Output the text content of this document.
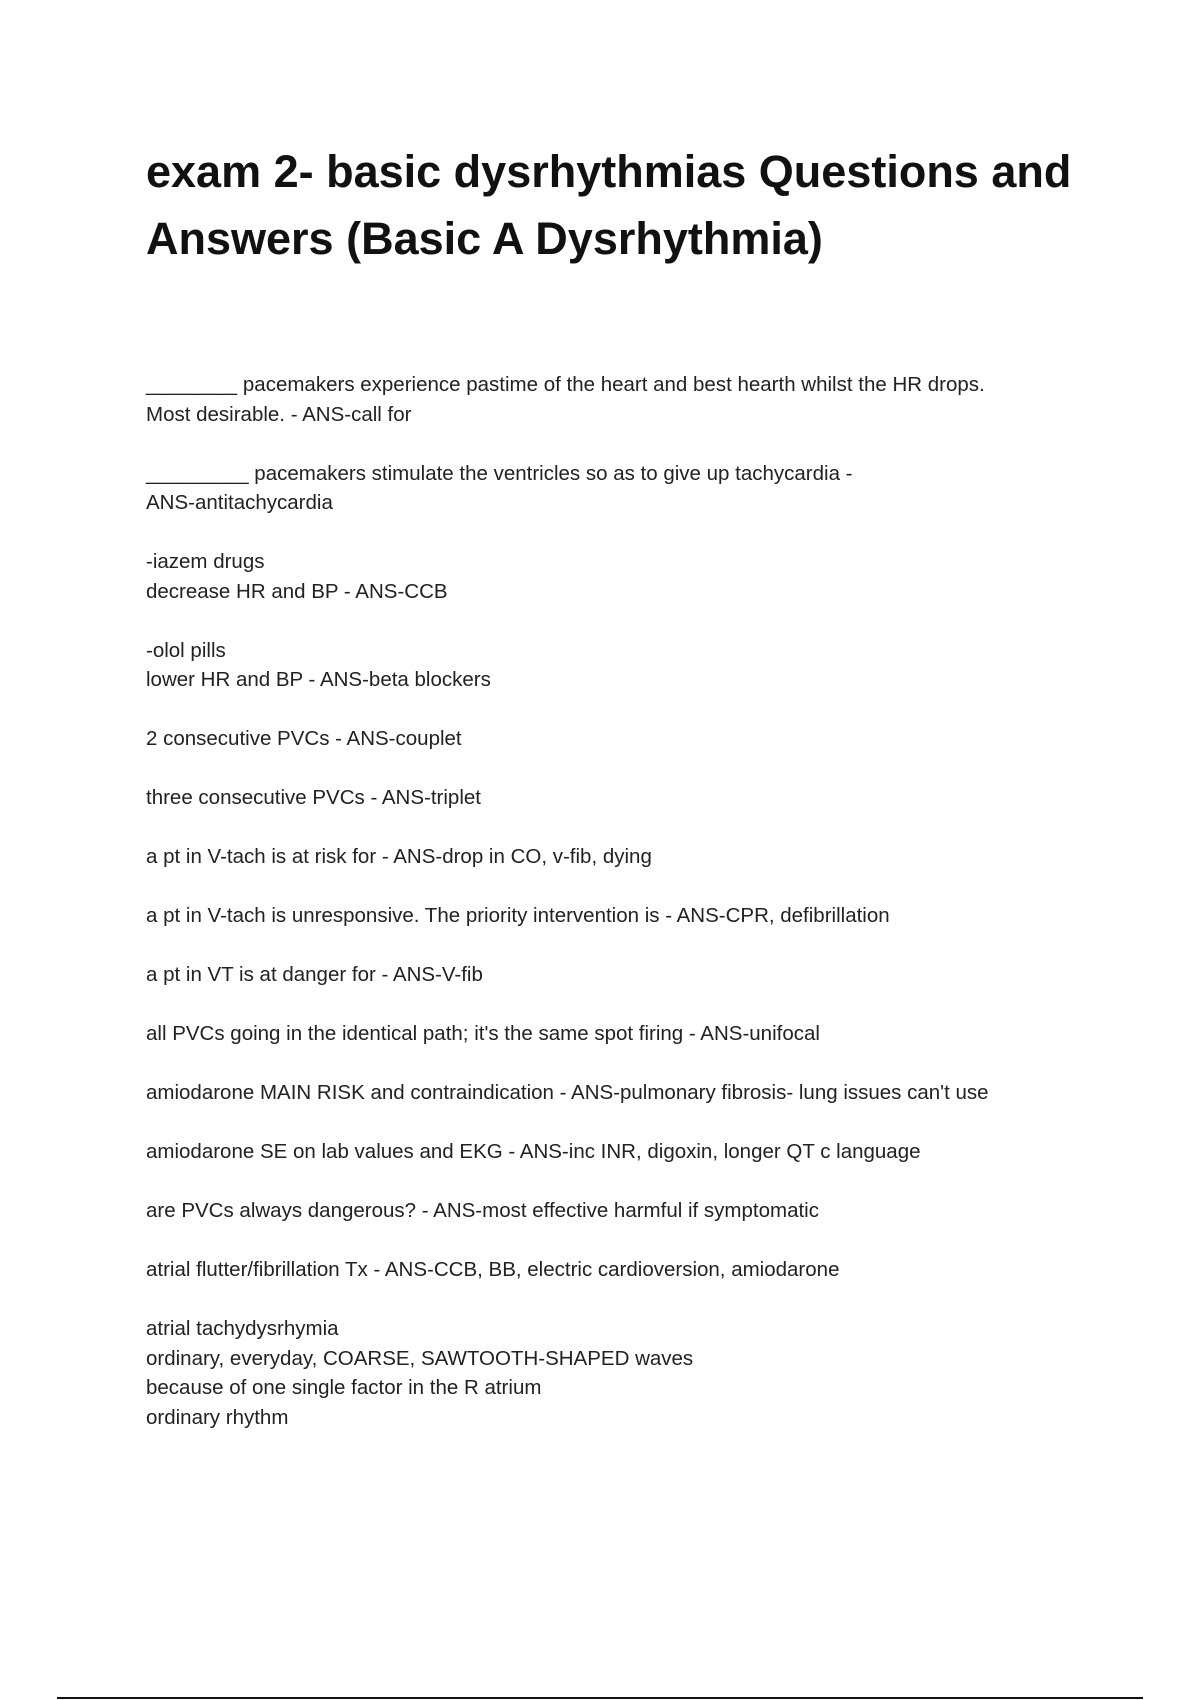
exam 2- basic dysrhythmias Questions and Answers (Basic A Dysrhythmia)
________ pacemakers experience pastime of the heart and best hearth whilst the HR drops.
Most desirable. - ANS-call for
_________ pacemakers stimulate the ventricles so as to give up tachycardia -
ANS-antitachycardia
-iazem drugs
decrease HR and BP - ANS-CCB
-olol pills
lower HR and BP - ANS-beta blockers
2 consecutive PVCs - ANS-couplet
three consecutive PVCs - ANS-triplet
a pt in V-tach is at risk for - ANS-drop in CO, v-fib, dying
a pt in V-tach is unresponsive. The priority intervention is - ANS-CPR, defibrillation
a pt in VT is at danger for - ANS-V-fib
all PVCs going in the identical path; it's the same spot firing - ANS-unifocal
amiodarone MAIN RISK and contraindication - ANS-pulmonary fibrosis- lung issues can't use
amiodarone SE on lab values and EKG - ANS-inc INR, digoxin, longer QT c language
are PVCs always dangerous? - ANS-most effective harmful if symptomatic
atrial flutter/fibrillation Tx - ANS-CCB, BB, electric cardioversion, amiodarone
atrial tachydysrhymia
ordinary, everyday, COARSE, SAWTOOTH-SHAPED waves
because of one single factor in the R atrium
ordinary rhythm
